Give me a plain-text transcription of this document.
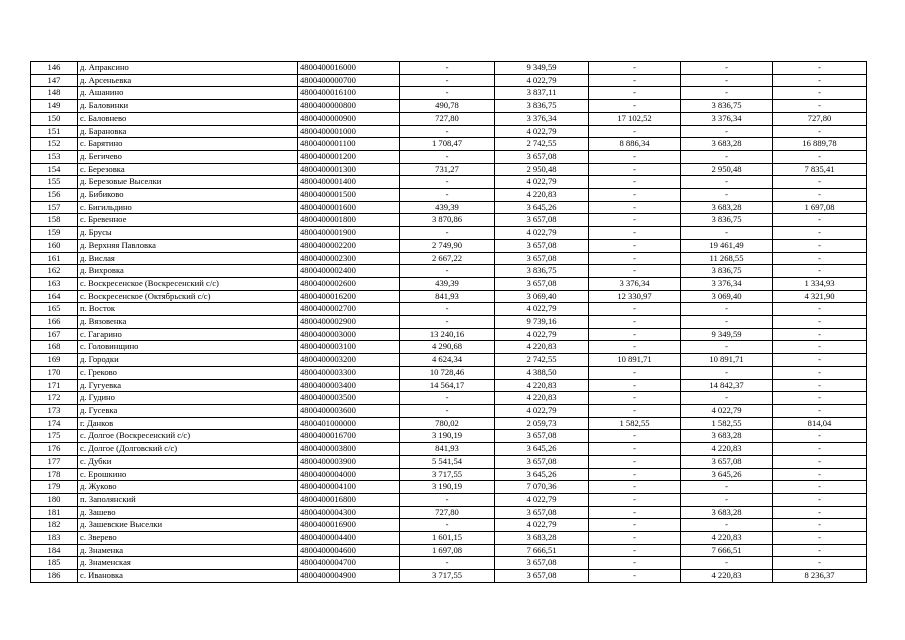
146	д. Апраксино	4800400016000	-	9 349,59	-	-	-
147	д. Арсеньевка	4800400000700	-	4 022,79	-	-	-
148	д. Ашанино	4800400016100	-	3 837,11	-	-	-
149	д. Баловинки	4800400000800	490,78	3 836,75	-	3 836,75	-
150	с. Баловнево	4800400000900	727,80	3 376,34	17 102,52	3 376,34	727,80
151	д. Барановка	4800400001000	-	4 022,79	-	-	-
152	с. Барятино	4800400001100	1 708,47	2 742,55	8 886,34	3 683,28	16 889,78
153	д. Бегичево	4800400001200	-	3 657,08	-	-	-
154	с. Березовка	4800400001300	731,27	2 950,48	-	2 950,48	7 835,41
155	д. Березовые Выселки	4800400001400	-	4 022,79	-	-	-
156	д. Бибиково	4800400001500	-	4 220,83	-	-	-
157	с. Бигильдино	4800400001600	439,39	3 645,26	-	3 683,28	1 697,08
158	с. Бревенное	4800400001800	3 870,86	3 657,08	-	3 836,75	-
159	д. Брусы	4800400001900	-	4 022,79	-	-	-
160	д. Верхняя Павловка	4800400002200	2 749,90	3 657,08	-	19 461,49	-
161	д. Вислая	4800400002300	2 667,22	3 657,08	-	11 268,55	-
162	д. Вихровка	4800400002400	-	3 836,75	-	3 836,75	-
163	с. Воскресенское (Воскресенский с/с)	4800400002600	439,39	3 657,08	3 376,34	3 376,34	1 334,93
164	с. Воскресенское (Октябрьский с/с)	4800400016200	841,93	3 069,40	12 330,97	3 069,40	4 321,90
165	п. Восток	4800400002700	-	4 022,79	-	-	-
166	д. Вязовенка	4800400002900	-	9 739,16	-	-	-
167	с. Гагарино	4800400003000	13 240,16	4 022,79	-	9 349,59	-
168	с. Головинщино	4800400003100	4 290,68	4 220,83	-	-	-
169	д. Городки	4800400003200	4 624,34	2 742,55	10 891,71	10 891,71	-
170	с. Греково	4800400003300	10 728,46	4 388,50	-	-	-
171	д. Гугуевка	4800400003400	14 564,17	4 220,83	-	14 842,37	-
172	д. Гудино	4800400003500	-	4 220,83	-	-	-
173	д. Гусевка	4800400003600	-	4 022,79	-	4 022,79	-
174	г. Данков	4800401000000	780,02	2 059,73	1 582,55	1 582,55	814,04
175	с. Долгое (Воскресенский с/с)	4800400016700	3 190,19	3 657,08	-	3 683,28	-
176	с. Долгое (Долговский с/с)	4800400003800	841,93	3 645,26	-	4 220,83	-
177	с. Дубки	4800400003900	5 541,54	3 657,08	-	3 657,08	-
178	с. Ерошкино	4800400004000	3 717,55	3 645,26	-	3 645,26	-
179	д. Жуково	4800400004100	3 190,19	7 070,36	-	-	-
180	п. Заполянский	4800400016800	-	4 022,79	-	-	-
181	д. Зашево	4800400004300	727,80	3 657,08	-	3 683,28	-
182	д. Зашевские Выселки	4800400016900	-	4 022,79	-	-	-
183	с. Зверево	4800400004400	1 601,15	3 683,28	-	4 220,83	-
184	д. Знаменка	4800400004600	1 697,08	7 666,51	-	7 666,51	-
185	д. Знаменская	4800400004700	-	3 657,08	-	-	-
186	с. Ивановка	4800400004900	3 717,55	3 657,08	-	4 220,83	8 236,37
